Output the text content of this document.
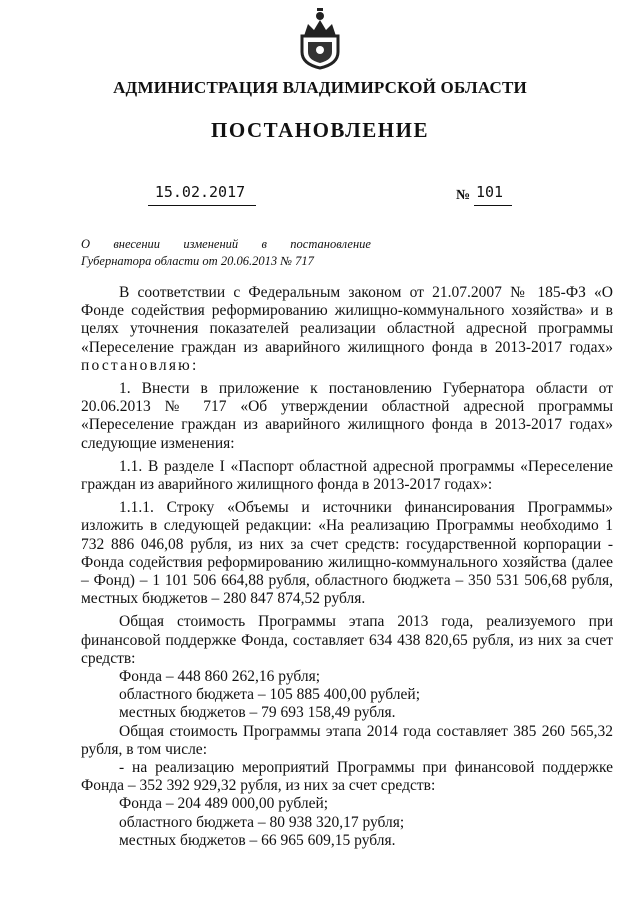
АДМИНИСТРАЦИЯ ВЛАДИМИРСКОЙ ОБЛАСТИ
ПОСТАНОВЛЕНИЕ
15.02.2017	№ 101
О внесении изменений в постановление
Губернатора области от 20.06.2013 № 717

В соответствии с Федеральным законом от 21.07.2007 № 185-ФЗ «О Фонде содействия реформированию жилищно-коммунального хозяйства» и в целях уточнения показателей реализации областной адресной программы «Переселение граждан из аварийного жилищного фонда в 2013-2017 годах» постановляю:

1. Внести в приложение к постановлению Губернатора области от 20.06.2013 № 717 «Об утверждении областной адресной программы «Переселение граждан из аварийного жилищного фонда в 2013-2017 годах» следующие изменения:

1.1. В разделе I «Паспорт областной адресной программы «Переселение граждан из аварийного жилищного фонда в 2013-2017 годах»:

1.1.1. Строку «Объемы и источники финансирования Программы» изложить в следующей редакции: «На реализацию Программы необходимо 1 732 886 046,08 рубля, из них за счет средств: государственной корпорации - Фонда содействия реформированию жилищно-коммунального хозяйства (далее – Фонд) – 1 101 506 664,88 рубля, областного бюджета – 350 531 506,68 рубля, местных бюджетов – 280 847 874,52 рубля.

Общая стоимость Программы этапа 2013 года, реализуемого при финансовой поддержке Фонда, составляет 634 438 820,65 рубля, из них за счет средств:

Фонда – 448 860 262,16 рубля;

областного бюджета – 105 885 400,00 рублей;

местных бюджетов – 79 693 158,49 рубля.

Общая стоимость Программы этапа 2014 года составляет 385 260 565,32 рубля, в том числе:

- на реализацию мероприятий Программы при финансовой поддержке Фонда – 352 392 929,32 рубля, из них за счет средств:

Фонда – 204 489 000,00 рублей;

областного бюджета – 80 938 320,17 рубля;

местных бюджетов – 66 965 609,15 рубля.
